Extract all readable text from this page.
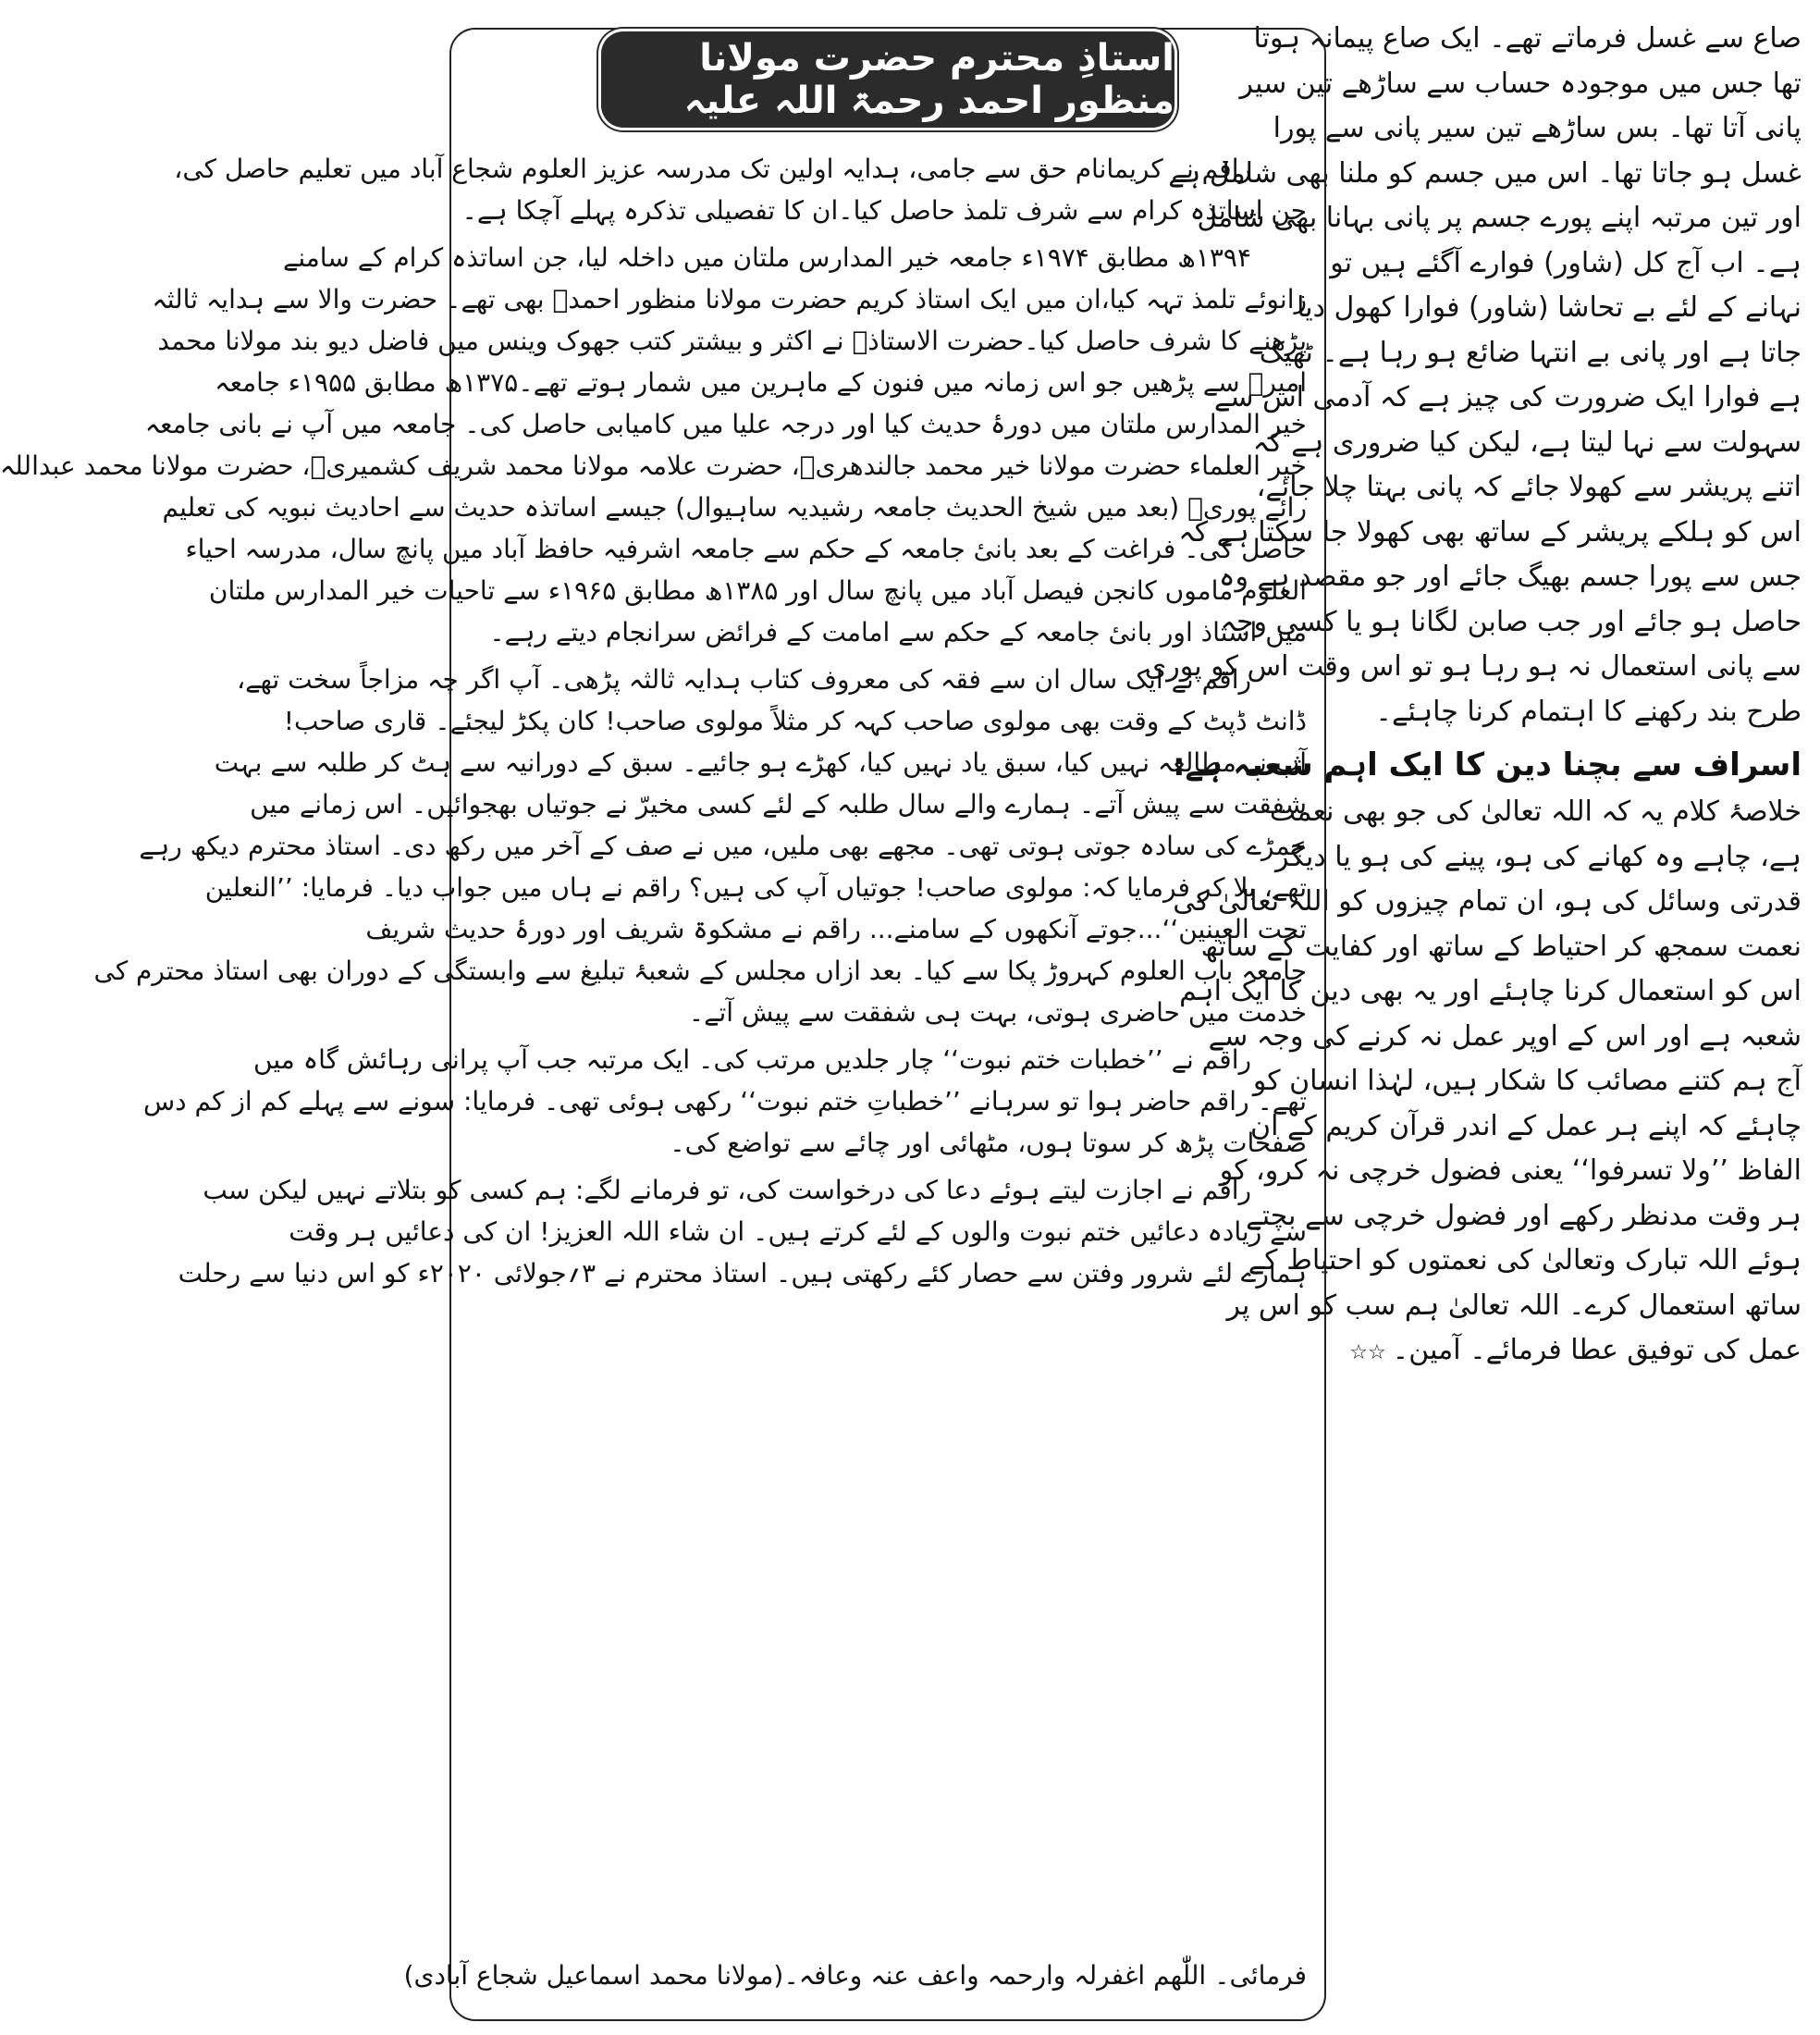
صاع سے غسل فرماتے تھے۔ ایک صاع پیمانہ ہوتا
تھا جس میں موجودہ حساب سے ساڑھے تین سیر
پانی آتا تھا۔ بس ساڑھے تین سیر پانی سے پورا
غسل ہو جاتا تھا۔ اس میں جسم کو ملنا بھی شامل ہے
اور تین مرتبہ اپنے پورے جسم پر پانی بہانا بھی شامل
ہے۔ اب آج کل (شاور) فوارے آگئے ہیں تو
نہانے کے لئے بے تحاشا (شاور) فوارا کھول دیا
جاتا ہے اور پانی بے انتہا ضائع ہو رہا ہے۔ ٹھیک
ہے فوارا ایک ضرورت کی چیز ہے کہ آدمی اس سے
سہولت سے نہا لیتا ہے، لیکن کیا ضروری ہے کہ
اتنے پریشر سے کھولا جائے کہ پانی بہتا چلا جائے،
اس کو ہلکے پریشر کے ساتھ بھی کھولا جا سکتا ہے کہ
جس سے پورا جسم بھیگ جائے اور جو مقصد ہے وہ
حاصل ہو جائے اور جب صابن لگانا ہو یا کسی وجہ
سے پانی استعمال نہ ہو رہا ہو تو اس وقت اس کو پوری
طرح بند رکھنے کا اہتمام کرنا چاہئے۔
اسراف سے بچنا دین کا ایک اہم شعبہ ہے:
خلاصۂ کلام یہ کہ اللہ تعالیٰ کی جو بھی نعمت
ہے، چاہے وہ کھانے کی ہو، پینے کی ہو یا دیگر
قدرتی وسائل کی ہو، ان تمام چیزوں کو اللہ تعالیٰ کی
نعمت سمجھ کر احتیاط کے ساتھ اور کفایت کے ساتھ
اس کو استعمال کرنا چاہئے اور یہ بھی دین کا ایک اہم
شعبہ ہے اور اس کے اوپر عمل نہ کرنے کی وجہ سے
آج ہم کتنے مصائب کا شکار ہیں، لہٰذا انسان کو
چاہئے کہ اپنے ہر عمل کے اندر قرآن کریم کے ان
الفاظ ’’ولا تسرفوا‘‘ یعنی فضول خرچی نہ کرو، کو
ہر وقت مدنظر رکھے اور فضول خرچی سے بچتے
ہوئے اللہ تبارک وتعالیٰ کی نعمتوں کو احتیاط کے
ساتھ استعمال کرے۔ اللہ تعالیٰ ہم سب کو اس پر
عمل کی توفیق عطا فرمائے۔ آمین۔ ☆☆
استاذِ محترم حضرت مولانا منظور احمد رحمۃ اللہ علیہ
راقم نے کریمانام حق سے جامی، ہدایہ اولین تک مدرسہ عزیز العلوم شجاع آباد میں تعلیم حاصل کی،
جن اساتذہ کرام سے شرف تلمذ حاصل کیا۔ان کا تفصیلی تذکرہ پہلے آچکا ہے۔
۱۳۹۴ھ مطابق ۱۹۷۴ء جامعہ خیر المدارس ملتان میں داخلہ لیا، جن اساتذہ کرام کے سامنے
زانوئے تلمذ تہہ کیا،ان میں ایک استاذ کریم حضرت مولانا منظور احمدؒ بھی تھے۔ حضرت والا سے ہدایہ ثالثہ
پڑھنے کا شرف حاصل کیا۔حضرت الاستاذؒ نے اکثر و بیشتر کتب جھوک وینس میں فاضل دیو بند مولانا محمد
امیرؒ سے پڑھیں جو اس زمانہ میں فنون کے ماہرین میں شمار ہوتے تھے۔۱۳۷۵ھ مطابق ۱۹۵۵ء جامعہ
خیر المدارس ملتان میں دورۂ حدیث کیا اور درجہ علیا میں کامیابی حاصل کی۔ جامعہ میں آپ نے بانی جامعہ
خیر العلماء حضرت مولانا خیر محمد جالندھریؒ، حضرت علامہ مولانا محمد شریف کشمیریؒ، حضرت مولانا محمد عبداللہ
رائے پوریؒ (بعد میں شیخ الحدیث جامعہ رشیدیہ ساہیوال) جیسے اساتذہ حدیث سے احادیث نبویہ کی تعلیم
حاصل کی۔ فراغت کے بعد بانیٔ جامعہ کے حکم سے جامعہ اشرفیہ حافظ آباد میں پانچ سال، مدرسہ احیاء
العلوم ماموں کانجن فیصل آباد میں پانچ سال اور ۱۳۸۵ھ مطابق ۱۹۶۵ء سے تاحیات خیر المدارس ملتان
میں استاذ اور بانیٔ جامعہ کے حکم سے امامت کے فرائض سرانجام دیتے رہے۔
راقم نے ایک سال ان سے فقہ کی معروف کتاب ہدایہ ثالثہ پڑھی۔ آپ اگر چہ مزاجاً سخت تھے،
ڈانٹ ڈپٹ کے وقت بھی مولوی صاحب کہہ کر مثلاً مولوی صاحب! کان پکڑ لیجئے۔ قاری صاحب!
آپ نے مطالعہ نہیں کیا، سبق یاد نہیں کیا، کھڑے ہو جائیے۔ سبق کے دورانیہ سے ہٹ کر طلبہ سے بہت
شفقت سے پیش آتے۔ ہمارے والے سال طلبہ کے لئے کسی مخیرّ نے جوتیاں بھجوائیں۔ اس زمانے میں
چمڑے کی سادہ جوتی ہوتی تھی۔ مجھے بھی ملیں، میں نے صف کے آخر میں رکھ دی۔ استاذ محترم دیکھ رہے
تھے، بلا کر فرمایا کہ: مولوی صاحب! جوتیاں آپ کی ہیں؟ راقم نے ہاں میں جواب دیا۔ فرمایا: ’’النعلین
تحت العینین‘‘...جوتے آنکھوں کے سامنے... راقم نے مشکوۃ شریف اور دورۂ حدیث شریف
جامعہ باب العلوم کہروڑ پکا سے کیا۔ بعد ازاں مجلس کے شعبۂ تبلیغ سے وابستگی کے دوران بھی استاذ محترم کی
خدمت میں حاضری ہوتی، بہت ہی شفقت سے پیش آتے۔
راقم نے ’’خطبات ختم نبوت‘‘ چار جلدیں مرتب کی۔ ایک مرتبہ جب آپ پرانی رہائش گاہ میں
تھے۔ راقم حاضر ہوا تو سرہانے ’’خطباتِ ختم نبوت‘‘ رکھی ہوئی تھی۔ فرمایا: سونے سے پہلے کم از کم دس
صفحات پڑھ کر سوتا ہوں، مٹھائی اور چائے سے تواضع کی۔
راقم نے اجازت لیتے ہوئے دعا کی درخواست کی، تو فرمانے لگے: ہم کسی کو بتلاتے نہیں لیکن سب
سے زیادہ دعائیں ختم نبوت والوں کے لئے کرتے ہیں۔ ان شاء اللہ العزیز! ان کی دعائیں ہر وقت
ہمارے لئے شرور وفتن سے حصار کئے رکھتی ہیں۔ استاذ محترم نے ۳؍جولائی ۲۰۲۰ء کو اس دنیا سے رحلت
فرمائی۔ اللّٰھم اغفرلہ وارحمہ واعف عنہ وعافہ۔
(مولانا محمد اسماعیل شجاع آبادی)
